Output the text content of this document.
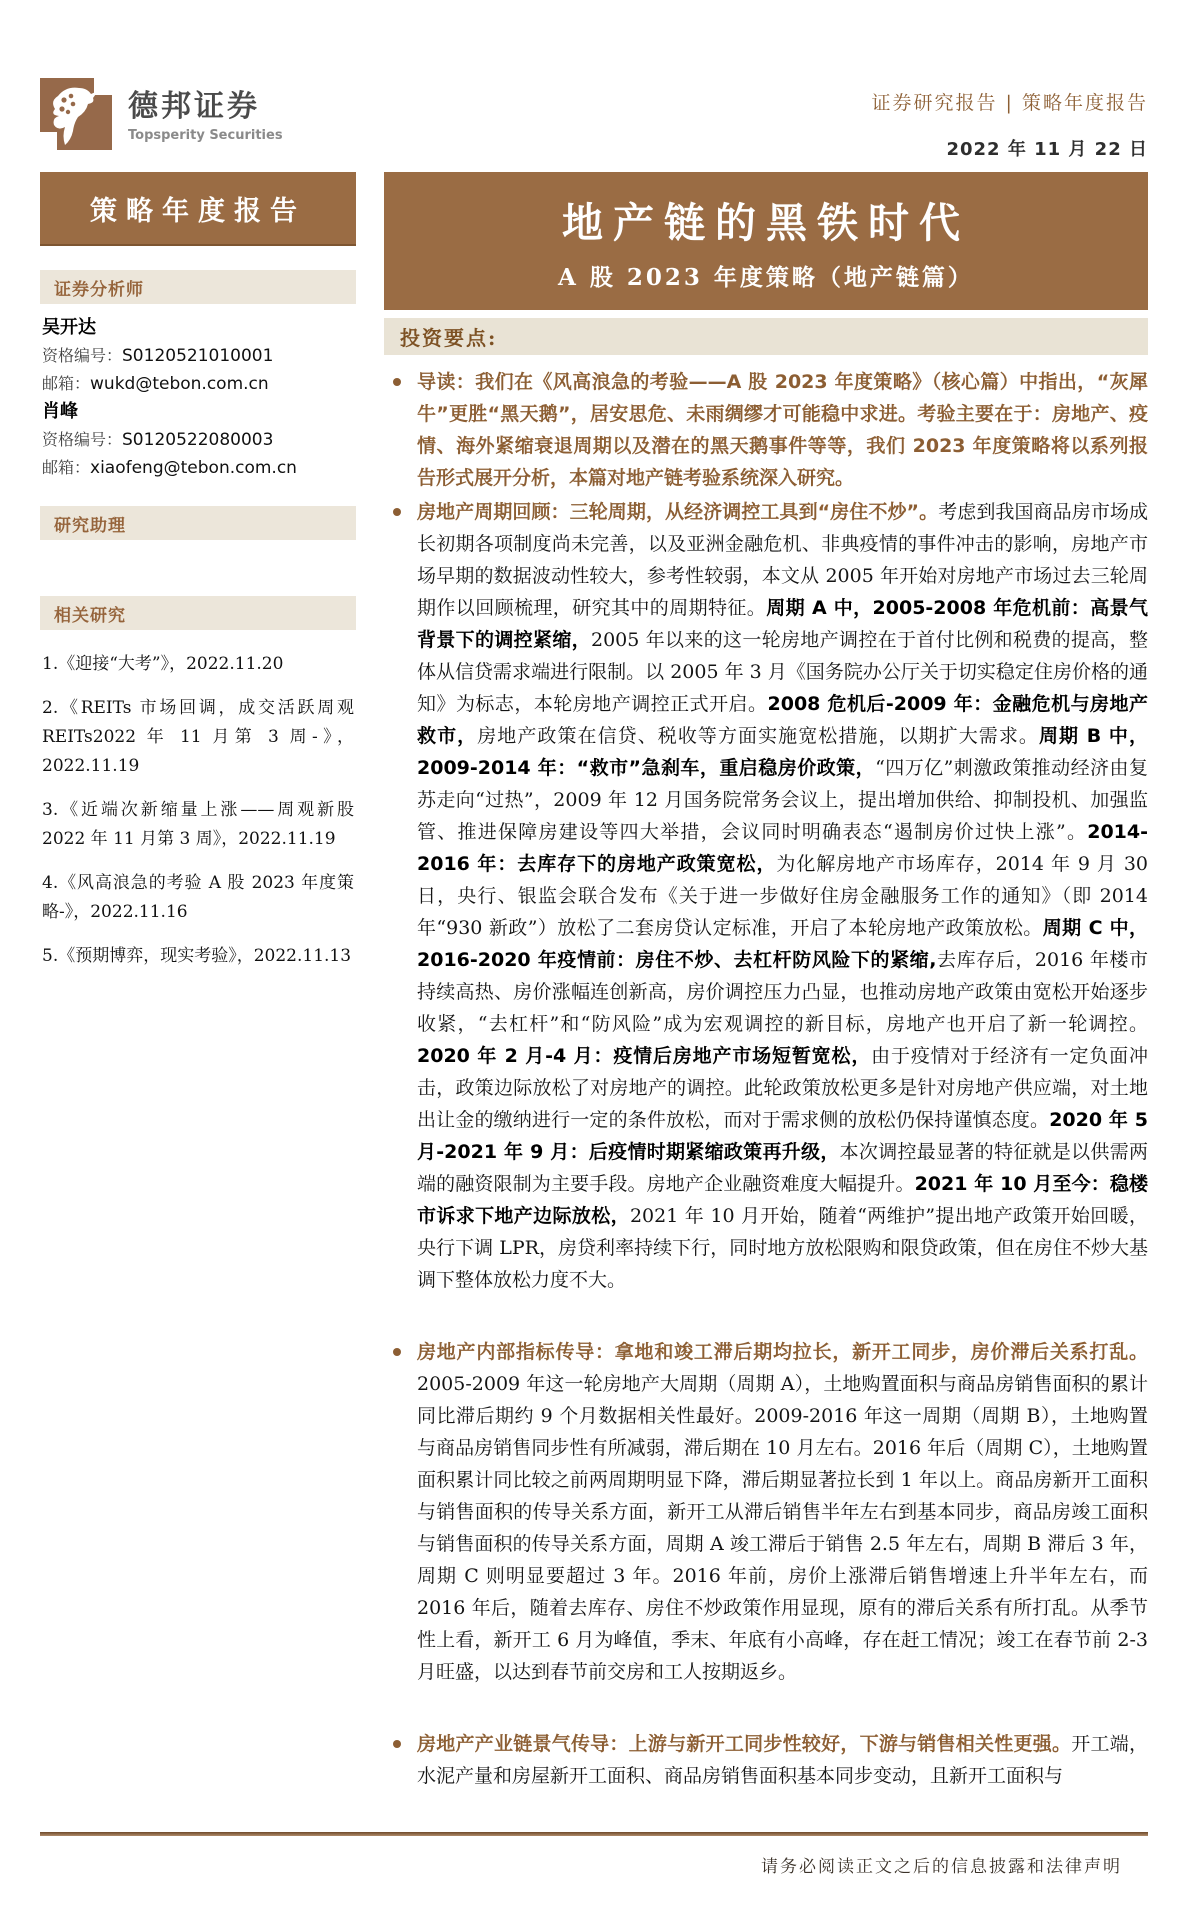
德邦证券
Topsperity Securities
证券研究报告 | 策略年度报告
2022 年 11 月 22 日
策略年度报告
证券分析师
吴开达
资格编号：S0120521010001
邮箱：wukd@tebon.com.cn
肖峰
资格编号：S0120522080003
邮箱：xiaofeng@tebon.com.cn
研究助理
相关研究
1.《迎接“大考”》，2022.11.20
2.《REITs 市场回调，成交活跃周观 REITs2022 年 11 月第 3 周-》，2022.11.19
3.《近端次新缩量上涨——周观新股 2022 年 11 月第 3 周》，2022.11.19
4.《风高浪急的考验 A 股 2023 年度策略-》，2022.11.16
5.《预期博弈，现实考验》，2022.11.13
地产链的黑铁时代
A 股 2023 年度策略（地产链篇）
投资要点:

导读：我们在《风高浪急的考验——A 股 2023 年度策略》（核心篇）中指出，“灰犀牛”更胜“黑天鹅”，居安思危、未雨绸缪才可能稳中求进。考验主要在于：房地产、疫情、海外紧缩衰退周期以及潜在的黑天鹅事件等等，我们 2023 年度策略将以系列报告形式展开分析，本篇对地产链考验系统深入研究。

房地产周期回顾：三轮周期，从经济调控工具到“房住不炒”。考虑到我国商品房市场成长初期各项制度尚未完善，以及亚洲金融危机、非典疫情的事件冲击的影响，房地产市场早期的数据波动性较大，参考性较弱，本文从 2005 年开始对房地产市场过去三轮周期作以回顾梳理，研究其中的周期特征。周期 A 中，2005-2008 年危机前：高景气背景下的调控紧缩，2005 年以来的这一轮房地产调控在于首付比例和税费的提高，整体从信贷需求端进行限制。以 2005 年 3 月《国务院办公厅关于切实稳定住房价格的通知》为标志，本轮房地产调控正式开启。2008 危机后-2009 年：金融危机与房地产救市，房地产政策在信贷、税收等方面实施宽松措施，以期扩大需求。周期 B 中，2009-2014 年：“救市”急刹车，重启稳房价政策，“四万亿”刺激政策推动经济由复苏走向“过热”，2009 年 12 月国务院常务会议上，提出增加供给、抑制投机、加强监管、推进保障房建设等四大举措，会议同时明确表态“遏制房价过快上涨”。2014-2016 年：去库存下的房地产政策宽松，为化解房地产市场库存，2014 年 9 月 30 日，央行、银监会联合发布《关于进一步做好住房金融服务工作的通知》（即 2014 年“930 新政”）放松了二套房贷认定标准，开启了本轮房地产政策放松。周期 C 中，2016-2020 年疫情前：房住不炒、去杠杆防风险下的紧缩,去库存后，2016 年楼市持续高热、房价涨幅连创新高，房价调控压力凸显，也推动房地产政策由宽松开始逐步收紧，“去杠杆”和“防风险”成为宏观调控的新目标，房地产也开启了新一轮调控。2020 年 2 月-4 月：疫情后房地产市场短暂宽松，由于疫情对于经济有一定负面冲击，政策边际放松了对房地产的调控。此轮政策放松更多是针对房地产供应端，对土地出让金的缴纳进行一定的条件放松，而对于需求侧的放松仍保持谨慎态度。2020 年 5 月-2021 年 9 月：后疫情时期紧缩政策再升级，本次调控最显著的特征就是以供需两端的融资限制为主要手段。房地产企业融资难度大幅提升。2021 年 10 月至今：稳楼市诉求下地产边际放松，2021 年 10 月开始，随着“两维护”提出地产政策开始回暖，央行下调 LPR，房贷利率持续下行，同时地方放松限购和限贷政策，但在房住不炒大基调下整体放松力度不大。

房地产内部指标传导：拿地和竣工滞后期均拉长，新开工同步，房价滞后关系打乱。2005-2009 年这一轮房地产大周期（周期 A），土地购置面积与商品房销售面积的累计同比滞后期约 9 个月数据相关性最好。2009-2016 年这一周期（周期 B），土地购置与商品房销售同步性有所减弱，滞后期在 10 月左右。2016 年后（周期 C），土地购置面积累计同比较之前两周期明显下降，滞后期显著拉长到 1 年以上。商品房新开工面积与销售面积的传导关系方面，新开工从滞后销售半年左右到基本同步，商品房竣工面积与销售面积的传导关系方面，周期 A 竣工滞后于销售 2.5 年左右，周期 B 滞后 3 年，周期 C 则明显要超过 3 年。2016 年前，房价上涨滞后销售增速上升半年左右，而 2016 年后，随着去库存、房住不炒政策作用显现，原有的滞后关系有所打乱。从季节性上看，新开工 6 月为峰值，季末、年底有小高峰，存在赶工情况；竣工在春节前 2-3 月旺盛，以达到春节前交房和工人按期返乡。

房地产产业链景气传导：上游与新开工同步性较好，下游与销售相关性更强。开工端，水泥产量和房屋新开工面积、商品房销售面积基本同步变动，且新开工面积与

请务必阅读正文之后的信息披露和法律声明
